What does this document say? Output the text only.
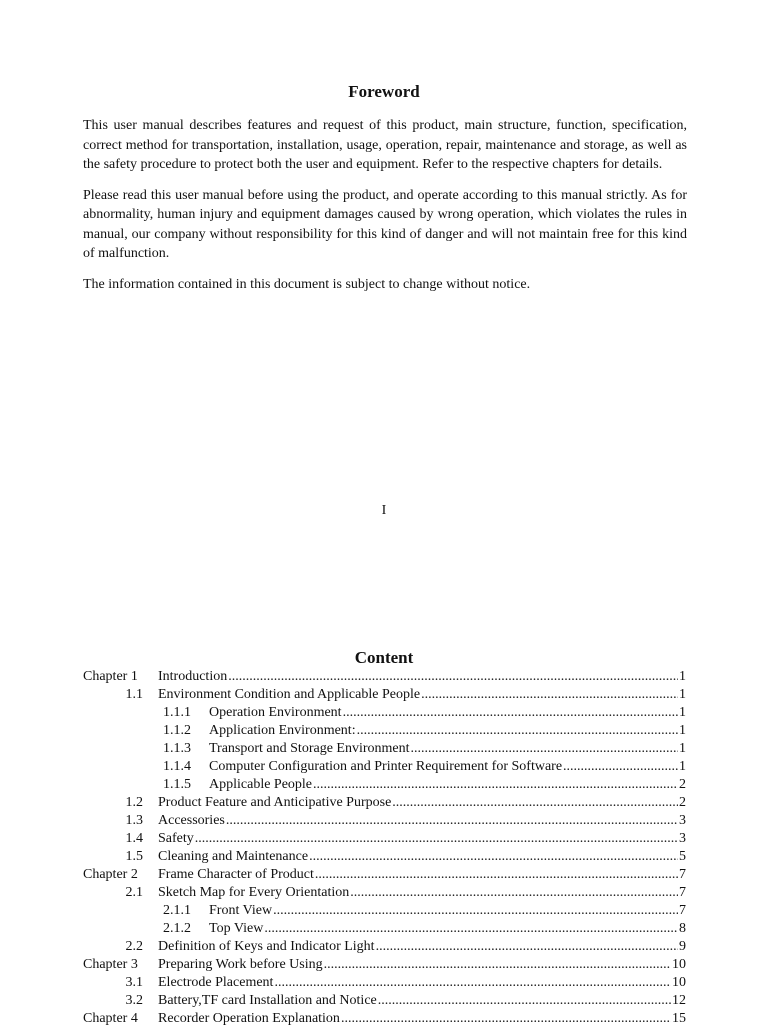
Foreword

This user manual describes features and request of this product, main structure, function, specification, correct method for transportation, installation, usage, operation, repair, maintenance and storage, as well as the safety procedure to protect both the user and equipment. Refer to the respective chapters for details.

Please read this user manual before using the product, and operate according to this manual strictly. As for abnormality, human injury and equipment damages caused by wrong operation, which violates the rules in manual, our company without responsibility for this kind of danger and will not maintain free for this kind of malfunction.

The information contained in this document is subject to change without notice.

I
Content
Chapter 1	Introduction .....	1
1.1	Environment Condition and Applicable People .....	1
1.1.1	Operation Environment .....	1
1.1.2	Application Environment: .....	1
1.1.3	Transport and Storage Environment .....	1
1.1.4	Computer Configuration and Printer Requirement for Software .....	1
1.1.5	Applicable People .....	2
1.2	Product Feature and Anticipative Purpose .....	2
1.3	Accessories .....	3
1.4	Safety .....	3
1.5	Cleaning and Maintenance .....	5
Chapter 2	Frame Character of Product .....	7
2.1	Sketch Map for Every Orientation .....	7
2.1.1	Front View .....	7
2.1.2	Top View .....	8
2.2	Definition of Keys and Indicator Light .....	9
Chapter 3	Preparing Work before Using .....	10
3.1	Electrode Placement .....	10
3.2	Battery,TF card Installation and Notice .....	12
Chapter 4	Recorder Operation Explanation .....	15
